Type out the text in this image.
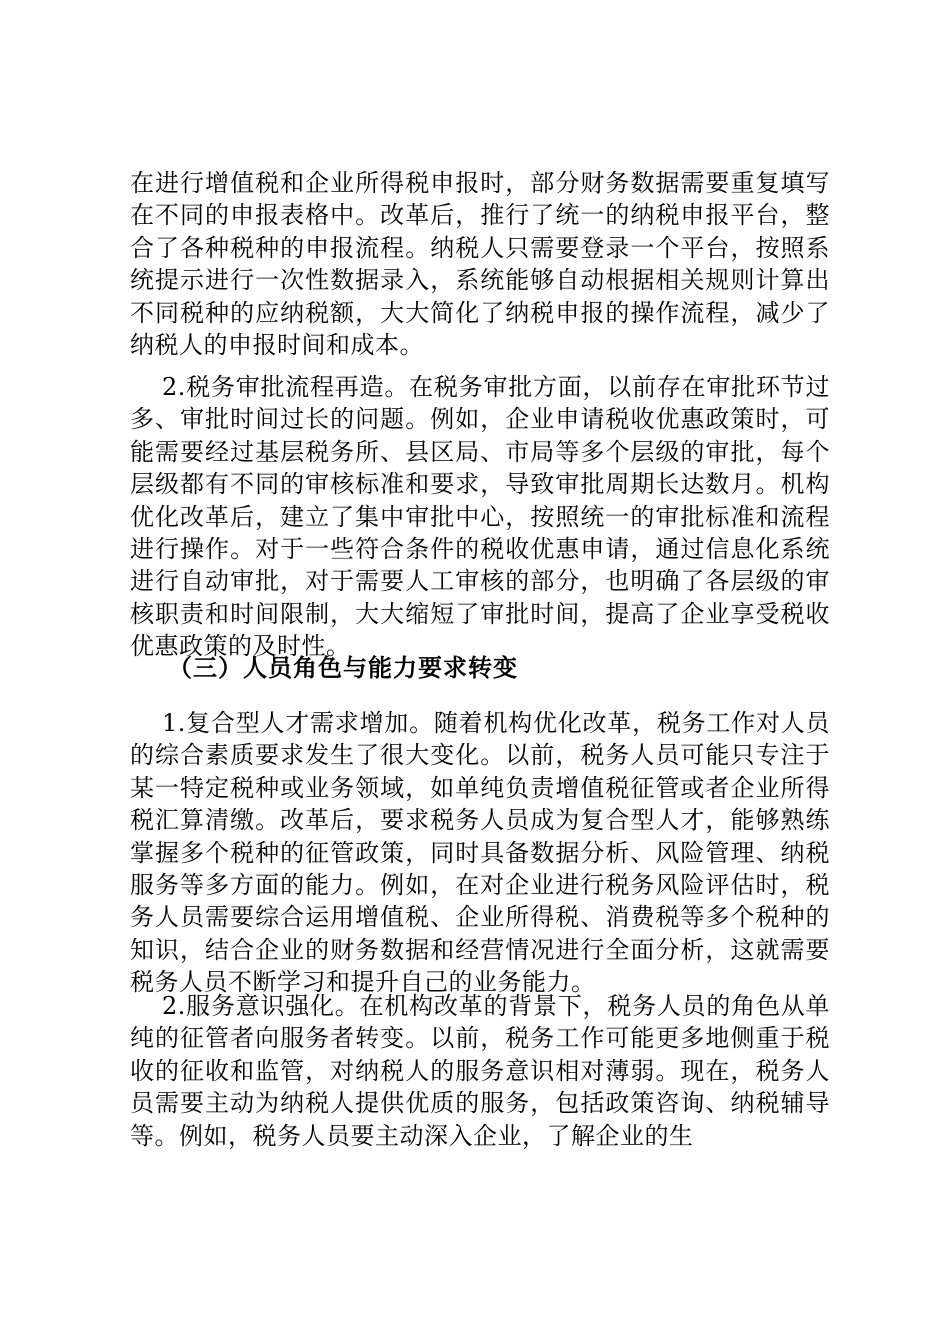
在进行增值税和企业所得税申报时，部分财务数据需要重复填写在不同的申报表格中。改革后，推行了统一的纳税申报平台，整合了各种税种的申报流程。纳税人只需要登录一个平台，按照系统提示进行一次性数据录入，系统能够自动根据相关规则计算出不同税种的应纳税额，大大简化了纳税申报的操作流程，减少了纳税人的申报时间和成本。

2.税务审批流程再造。在税务审批方面，以前存在审批环节过多、审批时间过长的问题。例如，企业申请税收优惠政策时，可能需要经过基层税务所、县区局、市局等多个层级的审批，每个层级都有不同的审核标准和要求，导致审批周期长达数月。机构优化改革后，建立了集中审批中心，按照统一的审批标准和流程进行操作。对于一些符合条件的税收优惠申请，通过信息化系统进行自动审批，对于需要人工审核的部分，也明确了各层级的审核职责和时间限制，大大缩短了审批时间，提高了企业享受税收优惠政策的及时性。

（三）人员角色与能力要求转变

1.复合型人才需求增加。随着机构优化改革，税务工作对人员的综合素质要求发生了很大变化。以前，税务人员可能只专注于某一特定税种或业务领域，如单纯负责增值税征管或者企业所得税汇算清缴。改革后，要求税务人员成为复合型人才，能够熟练掌握多个税种的征管政策，同时具备数据分析、风险管理、纳税服务等多方面的能力。例如，在对企业进行税务风险评估时，税务人员需要综合运用增值税、企业所得税、消费税等多个税种的知识，结合企业的财务数据和经营情况进行全面分析，这就需要税务人员不断学习和提升自己的业务能力。

2.服务意识强化。在机构改革的背景下，税务人员的角色从单纯的征管者向服务者转变。以前，税务工作可能更多地侧重于税收的征收和监管，对纳税人的服务意识相对薄弱。现在，税务人员需要主动为纳税人提供优质的服务，包括政策咨询、纳税辅导等。例如，税务人员要主动深入企业，了解企业的生
